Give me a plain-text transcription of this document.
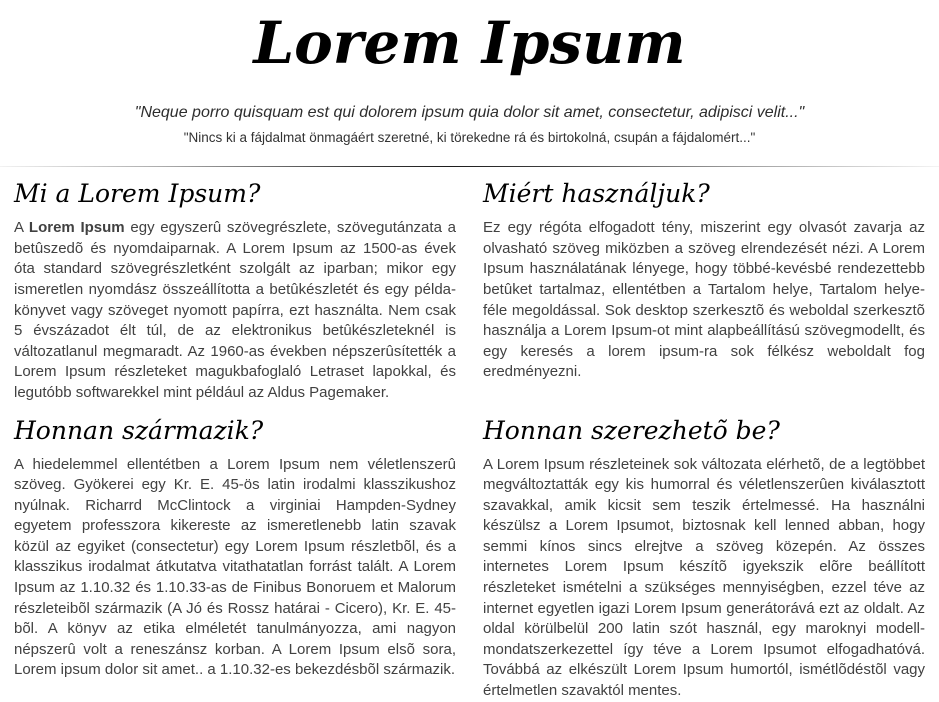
Lorem Ipsum

"Neque porro quisquam est qui dolorem ipsum quia dolor sit amet, consectetur, adipisci velit..."

"Nincs ki a fájdalmat önmagáért szeretné, ki törekedne rá és birtokolná, csupán a fájdalomért..."

Mi a Lorem Ipsum?

A Lorem Ipsum egy egyszerû szövegrészlete, szövegutánzata a betûszedõ és nyomdaiparnak. A Lorem Ipsum az 1500-as évek óta standard szövegrészletként szolgált az iparban; mikor egy ismeretlen nyomdász összeállította a betûkészletét és egy példakönyvet vagy szöveget nyomott papírra, ezt használta. Nem csak 5 évszázadot élt túl, de az elektronikus betûkészleteknél is változatlanul megmaradt. Az 1960-as években népszerûsítették a Lorem Ipsum részleteket magukbafoglaló Letraset lapokkal, és legutóbb softwarekkel mint például az Aldus Pagemaker.

Miért használjuk?

Ez egy régóta elfogadott tény, miszerint egy olvasót zavarja az olvasható szöveg miközben a szöveg elrendezését nézi. A Lorem Ipsum használatának lényege, hogy többé-kevésbé rendezettebb betûket tartalmaz, ellentétben a Tartalom helye, Tartalom helye-féle megoldással. Sok desktop szerkesztõ és weboldal szerkesztõ használja a Lorem Ipsum-ot mint alapbeállítású szövegmodellt, és egy keresés a lorem ipsum-ra sok félkész weboldalt fog eredményezni.

Honnan származik?

A hiedelemmel ellentétben a Lorem Ipsum nem véletlenszerû szöveg. Gyökerei egy Kr. E. 45-ös latin irodalmi klasszikushoz nyúlnak. Richarrd McClintock a virginiai Hampden-Sydney egyetem professzora kikereste az ismeretlenebb latin szavak közül az egyiket (consectetur) egy Lorem Ipsum részletbõl, és a klasszikus irodalmat átkutatva vitathatatlan forrást talált. A Lorem Ipsum az 1.10.32 és 1.10.33-as de Finibus Bonoruem et Malorum részleteibõl származik (A Jó és Rossz határai - Cicero), Kr. E. 45-bõl. A könyv az etika elméletét tanulmányozza, ami nagyon népszerû volt a reneszánsz korban. A Lorem Ipsum elsõ sora, Lorem ipsum dolor sit amet.. a 1.10.32-es bekezdésbõl származik.

Honnan szerezhetõ be?

A Lorem Ipsum részleteinek sok változata elérhetõ, de a legtöbbet megváltoztatták egy kis humorral és véletlenszerûen kiválasztott szavakkal, amik kicsit sem teszik értelmessé. Ha használni készülsz a Lorem Ipsumot, biztosnak kell lenned abban, hogy semmi kínos sincs elrejtve a szöveg közepén. Az összes internetes Lorem Ipsum készítõ igyekszik elõre beállított részleteket ismételni a szükséges mennyiségben, ezzel téve az internet egyetlen igazi Lorem Ipsum generátorává ezt az oldalt. Az oldal körülbelül 200 latin szót használ, egy maroknyi modell-mondatszerkezettel így téve a Lorem Ipsumot elfogadhatóvá. Továbbá az elkészült Lorem Ipsum humortól, ismétlõdéstõl vagy értelmetlen szavaktól mentes.
